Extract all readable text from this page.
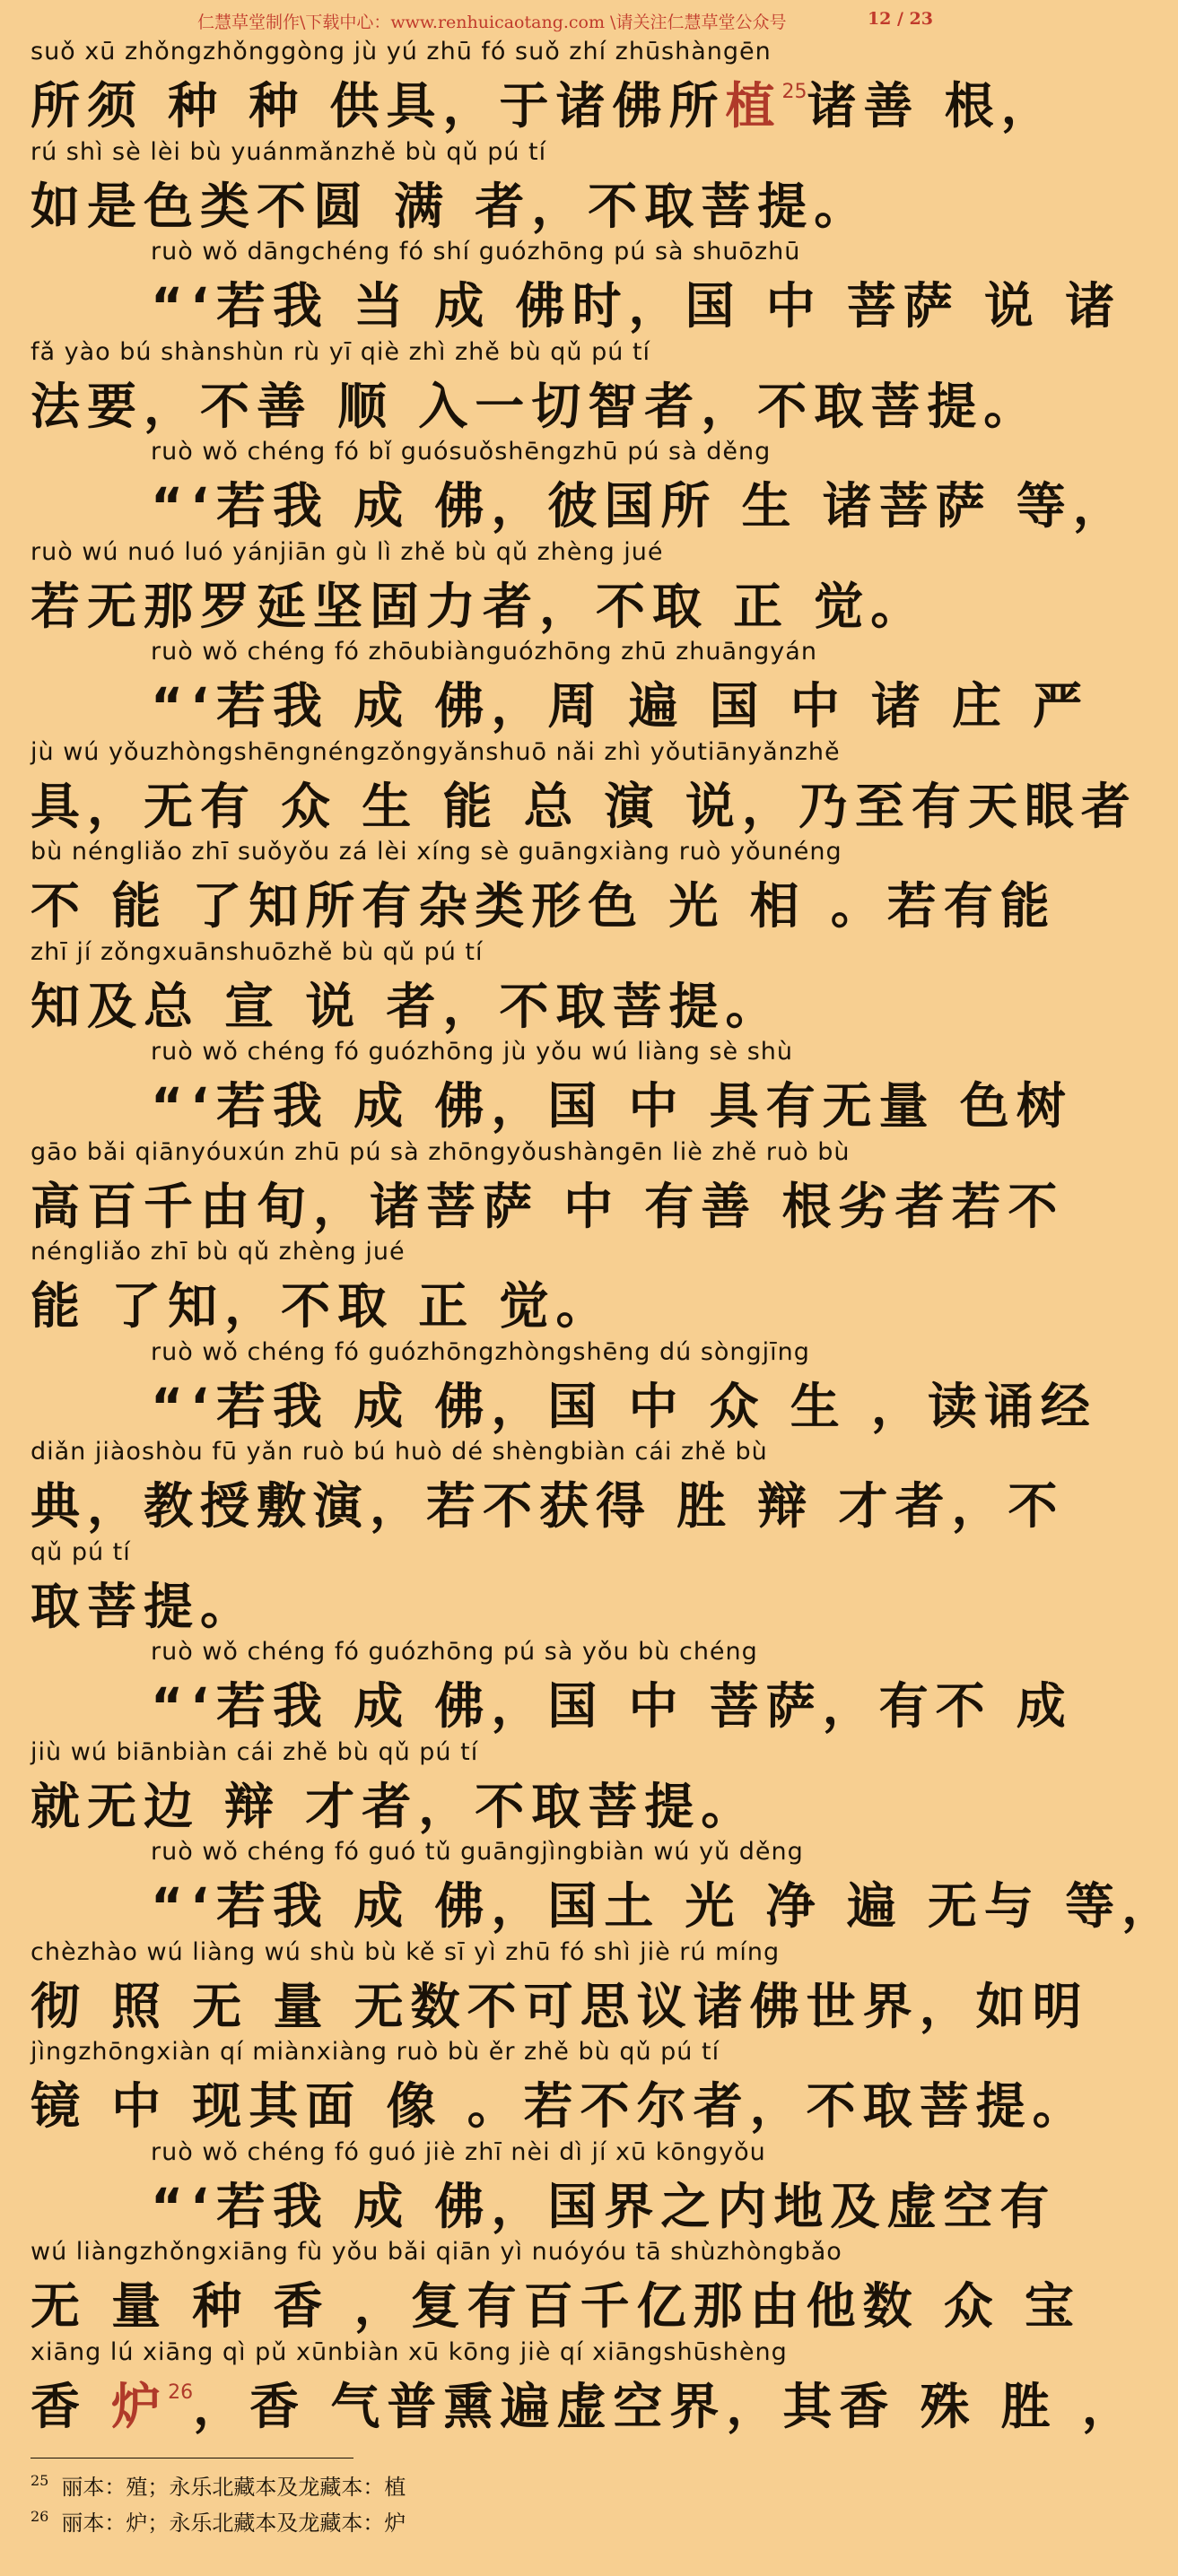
仁慧草堂制作\下载中心：www.renhuicaotang.com \请关注仁慧草堂公众号	12 / 23
suǒ xū zhǒngzhǒnggòng jù yú zhū fó suǒ zhí zhūshàngēn
所须 种 种 供具，于诸佛所植$^{25}$诸善 根，
rú shì sè lèi bù yuánmǎnzhě bù qǔ pú tí
如是色类不圆 满 者，不取菩提。
ruò wǒ dāngchéng fó shí guózhōng pú sà shuōzhū
“‘若我 当 成 佛时，国 中 菩萨 说 诸
fǎ yào bú shànshùn rù yī qiè zhì zhě bù qǔ pú tí
法要，不善 顺 入一切智者，不取菩提。
ruò wǒ chéng fó bǐ guósuǒshēngzhū pú sà děng
“‘若我 成 佛，彼国所 生 诸菩萨 等，
ruò wú nuó luó yánjiān gù lì zhě bù qǔ zhèng jué
若无那罗延坚固力者，不取 正 觉。
ruò wǒ chéng fó zhōubiànguózhōng zhū zhuāngyán
“‘若我 成 佛，周 遍 国 中 诸 庄 严
jù wú yǒuzhòngshēngnéngzǒngyǎnshuō nǎi zhì yǒutiānyǎnzhě
具，无有 众 生 能 总 演 说，乃至有天眼者
bù néngliǎo zhī suǒyǒu zá lèi xíng sè guāngxiàng ruò yǒunéng
不 能 了知所有杂类形色 光 相 。若有能
zhī jí zǒngxuānshuōzhě bù qǔ pú tí
知及总 宣 说 者，不取菩提。
ruò wǒ chéng fó guózhōng jù yǒu wú liàng sè shù
“‘若我 成 佛，国 中 具有无量 色树
gāo bǎi qiānyóuxún zhū pú sà zhōngyǒushàngēn liè zhě ruò bù
高百千由旬，诸菩萨 中 有善 根劣者若不
néngliǎo zhī bù qǔ zhèng jué
能 了知，不取 正 觉。
ruò wǒ chéng fó guózhōngzhòngshēng dú sòngjīng
“‘若我 成 佛，国 中 众 生 ，读诵经
diǎn jiàoshòu fū yǎn ruò bú huò dé shèngbiàn cái zhě bù
典，教授敷演，若不获得 胜 辩 才者，不
qǔ pú tí
取菩提。
ruò wǒ chéng fó guózhōng pú sà yǒu bù chéng
“‘若我 成 佛，国 中 菩萨，有不 成
jiù wú biānbiàn cái zhě bù qǔ pú tí
就无边 辩 才者，不取菩提。
ruò wǒ chéng fó guó tǔ guāngjìngbiàn wú yǔ děng
“‘若我 成 佛，国土 光 净 遍 无与 等，
chèzhào wú liàng wú shù bù kě sī yì zhū fó shì jiè rú míng
彻 照 无 量 无数不可思议诸佛世界，如明
jìngzhōngxiàn qí miànxiàng ruò bù ěr zhě bù qǔ pú tí
镜 中 现其面 像 。若不尔者，不取菩提。
ruò wǒ chéng fó guó jiè zhī nèi dì jí xū kōngyǒu
“‘若我 成 佛，国界之内地及虚空有
wú liàngzhǒngxiāng fù yǒu bǎi qiān yì nuóyóu tā shùzhòngbǎo
无 量 种 香 ，复有百千亿那由他数 众 宝
xiāng lú xiāng qì pǔ xūnbiàn xū kōng jiè qí xiāngshūshèng
香 炉$^{26}$，香 气普熏遍虚空界，其香 殊 胜 ，
$^{25}$ 丽本：殖；永乐北藏本及龙藏本：植
$^{26}$ 丽本：炉；永乐北藏本及龙藏本：炉
